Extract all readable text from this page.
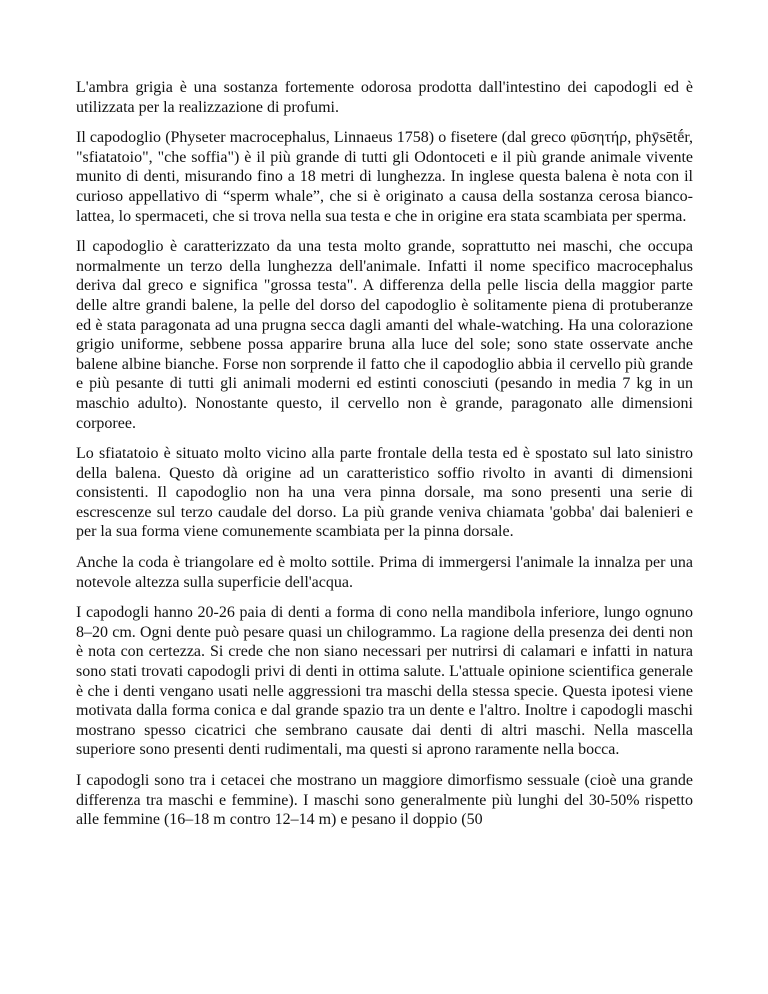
L'ambra grigia è una sostanza fortemente odorosa prodotta dall'intestino dei capodogli ed è utilizzata per la realizzazione di profumi.

Il capodoglio (Physeter macrocephalus, Linnaeus 1758) o fisetere (dal greco φῡσητήρ, phȳsētḗr, "sfiatatoio", "che soffia") è il più grande di tutti gli Odontoceti e il più grande animale vivente munito di denti, misurando fino a 18 metri di lunghezza. In inglese questa balena è nota con il curioso appellativo di “sperm whale”, che si è originato a causa della sostanza cerosa bianco-lattea, lo spermaceti, che si trova nella sua testa e che in origine era stata scambiata per sperma.

Il capodoglio è caratterizzato da una testa molto grande, soprattutto nei maschi, che occupa normalmente un terzo della lunghezza dell'animale. Infatti il nome specifico macrocephalus deriva dal greco e significa "grossa testa". A differenza della pelle liscia della maggior parte delle altre grandi balene, la pelle del dorso del capodoglio è solitamente piena di protuberanze ed è stata paragonata ad una prugna secca dagli amanti del whale-watching. Ha una colorazione grigio uniforme, sebbene possa apparire bruna alla luce del sole; sono state osservate anche balene albine bianche. Forse non sorprende il fatto che il capodoglio abbia il cervello più grande e più pesante di tutti gli animali moderni ed estinti conosciuti (pesando in media 7 kg in un maschio adulto). Nonostante questo, il cervello non è grande, paragonato alle dimensioni corporee.

Lo sfiatatoio è situato molto vicino alla parte frontale della testa ed è spostato sul lato sinistro della balena. Questo dà origine ad un caratteristico soffio rivolto in avanti di dimensioni consistenti. Il capodoglio non ha una vera pinna dorsale, ma sono presenti una serie di escrescenze sul terzo caudale del dorso. La più grande veniva chiamata 'gobba' dai balenieri e per la sua forma viene comunemente scambiata per la pinna dorsale.

Anche la coda è triangolare ed è molto sottile. Prima di immergersi l'animale la innalza per una notevole altezza sulla superficie dell'acqua.

I capodogli hanno 20-26 paia di denti a forma di cono nella mandibola inferiore, lungo ognuno 8–20 cm. Ogni dente può pesare quasi un chilogrammo. La ragione della presenza dei denti non è nota con certezza. Si crede che non siano necessari per nutrirsi di calamari e infatti in natura sono stati trovati capodogli privi di denti in ottima salute. L'attuale opinione scientifica generale è che i denti vengano usati nelle aggressioni tra maschi della stessa specie. Questa ipotesi viene motivata dalla forma conica e dal grande spazio tra un dente e l'altro. Inoltre i capodogli maschi mostrano spesso cicatrici che sembrano causate dai denti di altri maschi. Nella mascella superiore sono presenti denti rudimentali, ma questi si aprono raramente nella bocca.

I capodogli sono tra i cetacei che mostrano un maggiore dimorfismo sessuale (cioè una grande differenza tra maschi e femmine). I maschi sono generalmente più lunghi del 30-50% rispetto alle femmine (16–18 m contro 12–14 m) e pesano il doppio (50
